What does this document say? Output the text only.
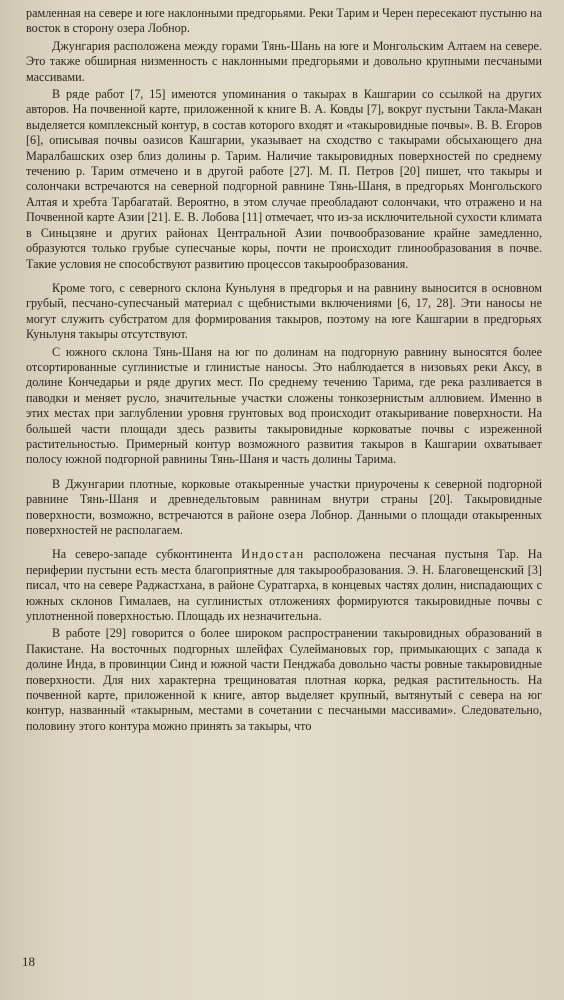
рамленная на севере и юге наклонными предгорьями. Реки Тарим и Черен пересекают пустыню на восток в сторону озера Лобнор.

Джунгария расположена между горами Тянь-Шань на юге и Монгольским Алтаем на севере. Это также обширная низменность с наклонными предгорьями и довольно крупными песчаными массивами.

В ряде работ [7, 15] имеются упоминания о такырах в Кашгарии со ссылкой на других авторов. На почвенной карте, приложенной к книге В. А. Ковды [7], вокруг пустыни Такла-Макан выделяется комплексный контур, в состав которого входят и «такыровидные почвы». В. В. Егоров [6], описывая почвы оазисов Кашгарии, указывает на сходство с такырами обсыхающего дна Маралбашских озер близ долины р. Тарим. Наличие такыровидных поверхностей по среднему течению р. Тарим отмечено и в другой работе [27]. М. П. Петров [20] пишет, что такыры и солончаки встречаются на северной подгорной равнине Тянь-Шаня, в предгорьях Монгольского Алтая и хребта Тарбагатай. Вероятно, в этом случае преобладают солончаки, что отражено и на Почвенной карте Азии [21]. Е. В. Лобова [11] отмечает, что из-за исключительной сухости климата в Синьцзяне и других районах Центральной Азии почвообразование крайне замедленно, образуются только грубые супесчаные коры, почти не происходит глинообразования в почве. Такие условия не способствуют развитию процессов такырообразования.

Кроме того, с северного склона Куньлуня в предгорья и на равнину выносится в основном грубый, песчано-супесчаный материал с щебнистыми включениями [6, 17, 28]. Эти наносы не могут служить субстратом для формирования такыров, поэтому на юге Кашгарии в предгорьях Куньлуня такыры отсутствуют.

С южного склона Тянь-Шаня на юг по долинам на подгорную равнину выносятся более отсортированные суглинистые и глинистые наносы. Это наблюдается в низовьях реки Аксу, в долине Кончедарьи и ряде других мест. По среднему течению Тарима, где река разливается в паводки и меняет русло, значительные участки сложены тонкозернистым аллювием. Именно в этих местах при заглублении уровня грунтовых вод происходит отакыривание поверхности. На большей части площади здесь развиты такыровидные корковатые почвы с изреженной растительностью. Примерный контур возможного развития такыров в Кашгарии охватывает полосу южной подгорной равнины Тянь-Шаня и часть долины Тарима.

В Джунгарии плотные, корковые отакыренные участки приурочены к северной подгорной равнине Тянь-Шаня и древнедельтовым равнинам внутри страны [20]. Такыровидные поверхности, возможно, встречаются в районе озера Лобнор. Данными о площади отакыренных поверхностей не располагаем.

На северо-западе субконтинента Индостан расположена песчаная пустыня Тар. На периферии пустыни есть места благоприятные для такырообразования. Э. Н. Благовещенский [3] писал, что на севере Раджастхана, в районе Суратгарха, в концевых частях долин, ниспадающих с южных склонов Гималаев, на суглинистых отложениях формируются такыровидные почвы с уплотненной поверхностью. Площадь их незначительна.

В работе [29] говорится о более широком распространении такыровидных образований в Пакистане. На восточных подгорных шлейфах Сулеймановых гор, примыкающих с запада к долине Инда, в провинции Синд и южной части Пенджаба довольно часты ровные такыровидные поверхности. Для них характерна трещиноватая плотная корка, редкая растительность. На почвенной карте, приложенной к книге, автор выделяет крупный, вытянутый с севера на юг контур, названный «такырным, местами в сочетании с песчаными массивами». Следовательно, половину этого контура можно принять за такыры, что

18
